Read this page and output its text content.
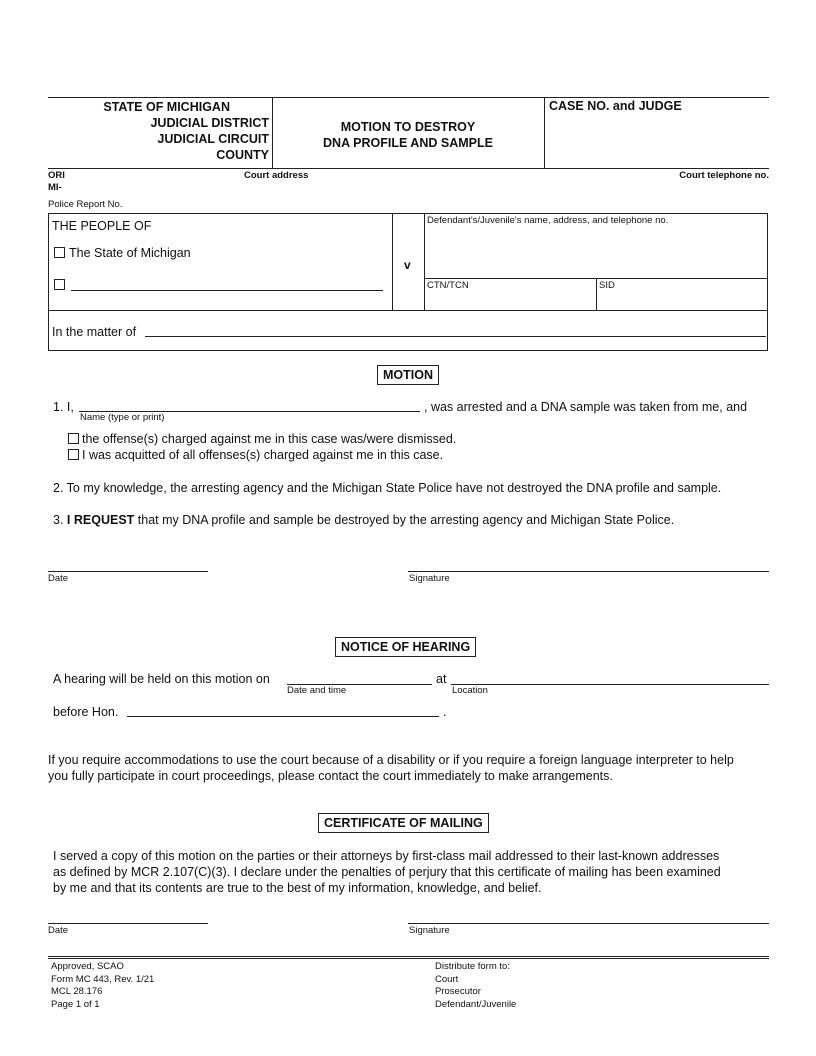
STATE OF MICHIGAN
JUDICIAL DISTRICT
JUDICIAL CIRCUIT
COUNTY
MOTION TO DESTROY
DNA PROFILE AND SAMPLE
CASE NO. and JUDGE
ORI
MI-
Court address	Court telephone no.
Police Report No.
THE PEOPLE OF
The State of Michigan
v
Defendant's/Juvenile's name, address, and telephone no.
CTN/TCN	SID
In the matter of
MOTION
1. I,
Name (type or print)
, was arrested and a DNA sample was taken from me, and
the offense(s) charged against me in this case was/were dismissed.
I was acquitted of all offenses(s) charged against me in this case.
2. To my knowledge, the arresting agency and the Michigan State Police have not destroyed the DNA profile and sample.
3. I REQUEST that my DNA profile and sample be destroyed by the arresting agency and Michigan State Police.
Date	Signature
NOTICE OF HEARING
A hearing will be held on this motion on
Date and time
at
Location
before Hon.	.
If you require accommodations to use the court because of a disability or if you require a foreign language interpreter to help
you fully participate in court proceedings, please contact the court immediately to make arrangements.
CERTIFICATE OF MAILING
I served a copy of this motion on the parties or their attorneys by first-class mail addressed to their last-known addresses
as defined by MCR 2.107(C)(3). I declare under the penalties of perjury that this certificate of mailing has been examined
by me and that its contents are true to the best of my information, knowledge, and belief.
Date	Signature
Approved, SCAO
Form MC 443, Rev. 1/21
MCL 28.176
Page 1 of 1
Distribute form to:
Court
Prosecutor
Defendant/Juvenile
